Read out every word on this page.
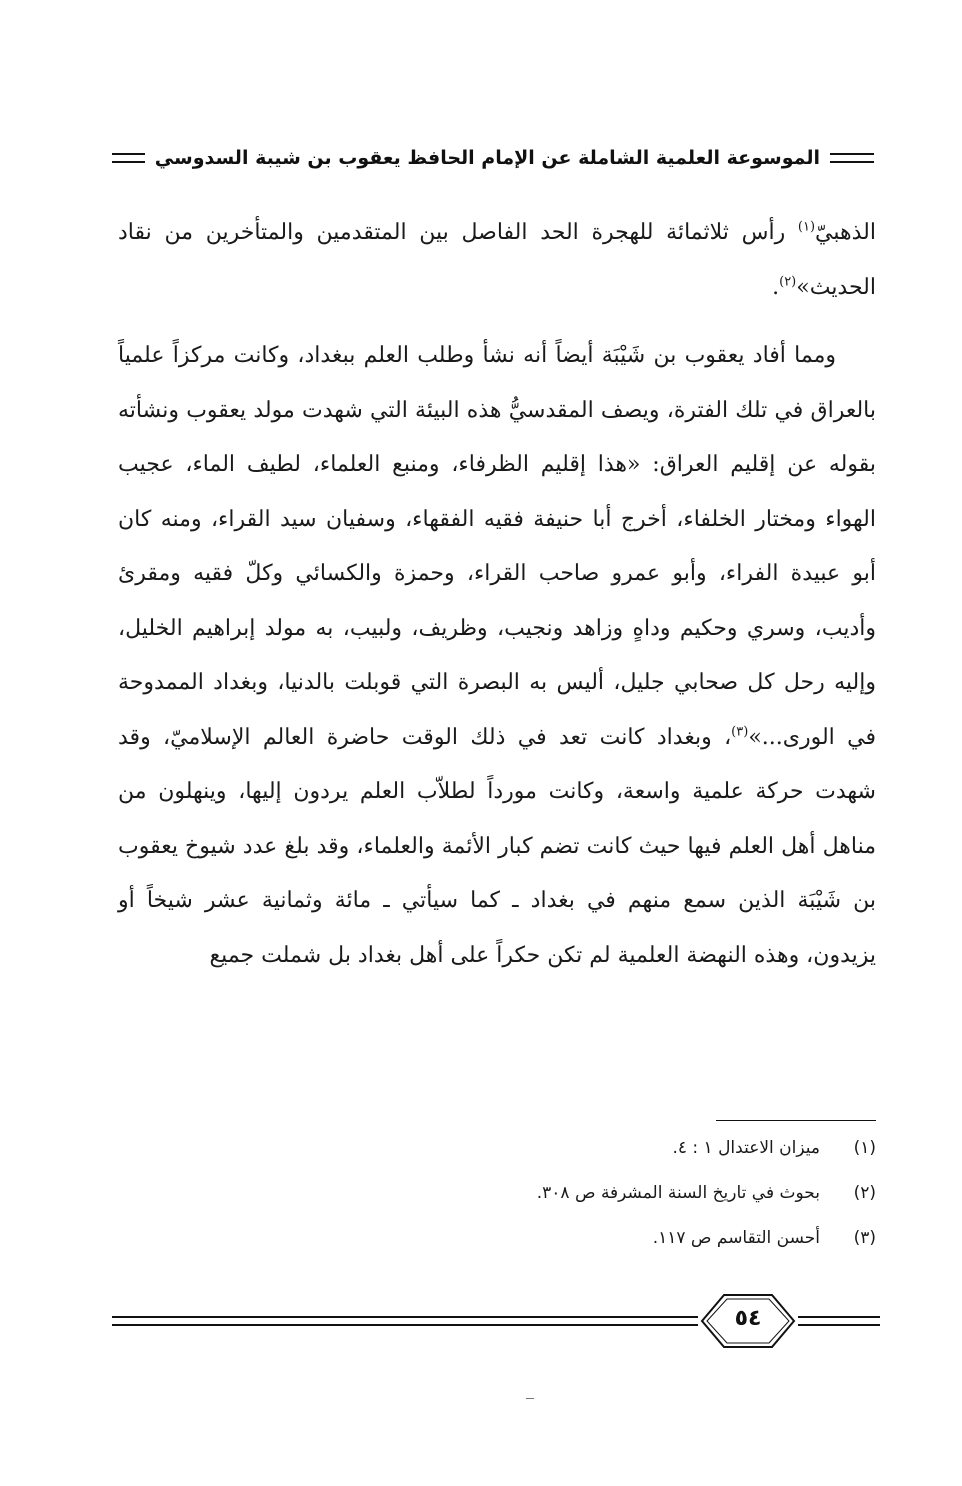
الموسوعة العلمية الشاملة عن الإمام الحافظ يعقوب بن شيبة السدوسي

الذهبيّ$^{(١)}$ رأس ثلاثمائة للهجرة الحد الفاصل بين المتقدمين والمتأخرين من نقاد الحديث»$^{(٢)}$.

ومما أفاد يعقوب بن شَيْبَة أيضاً أنه نشأ وطلب العلم ببغداد، وكانت مركزاً علمياً بالعراق في تلك الفترة، ويصف المقدسيُّ هذه البيئة التي شهدت مولد يعقوب ونشأته بقوله عن إقليم العراق: «هذا إقليم الظرفاء، ومنبع العلماء، لطيف الماء، عجيب الهواء ومختار الخلفاء، أخرج أبا حنيفة فقيه الفقهاء، وسفيان سيد القراء، ومنه كان أبو عبيدة الفراء، وأبو عمرو صاحب القراء، وحمزة والكسائي وكلّ فقيه ومقرئ وأديب، وسري وحكيم وداهٍ وزاهد ونجيب، وظريف، ولبيب، به مولد إبراهيم الخليل، وإليه رحل كل صحابي جليل، أليس به البصرة التي قوبلت بالدنيا، وبغداد الممدوحة في الورى...»$^{(٣)}$، وبغداد كانت تعد في ذلك الوقت حاضرة العالم الإسلاميّ، وقد شهدت حركة علمية واسعة، وكانت مورداً لطلاّب العلم يردون إليها، وينهلون من مناهل أهل العلم فيها حيث كانت تضم كبار الأئمة والعلماء، وقد بلغ عدد شيوخ يعقوب بن شَيْبَة الذين سمع منهم في بغداد ـ كما سيأتي ـ مائة وثمانية عشر شيخاً أو يزيدون، وهذه النهضة العلمية لم تكن حكراً على أهل بغداد بل شملت جميع

(١)
ميزان الاعتدال ١ : ٤.
(٢)
بحوث في تاريخ السنة المشرفة ص ٣٠٨.
(٣)
أحسن التقاسم ص ١١٧.
٥٤
